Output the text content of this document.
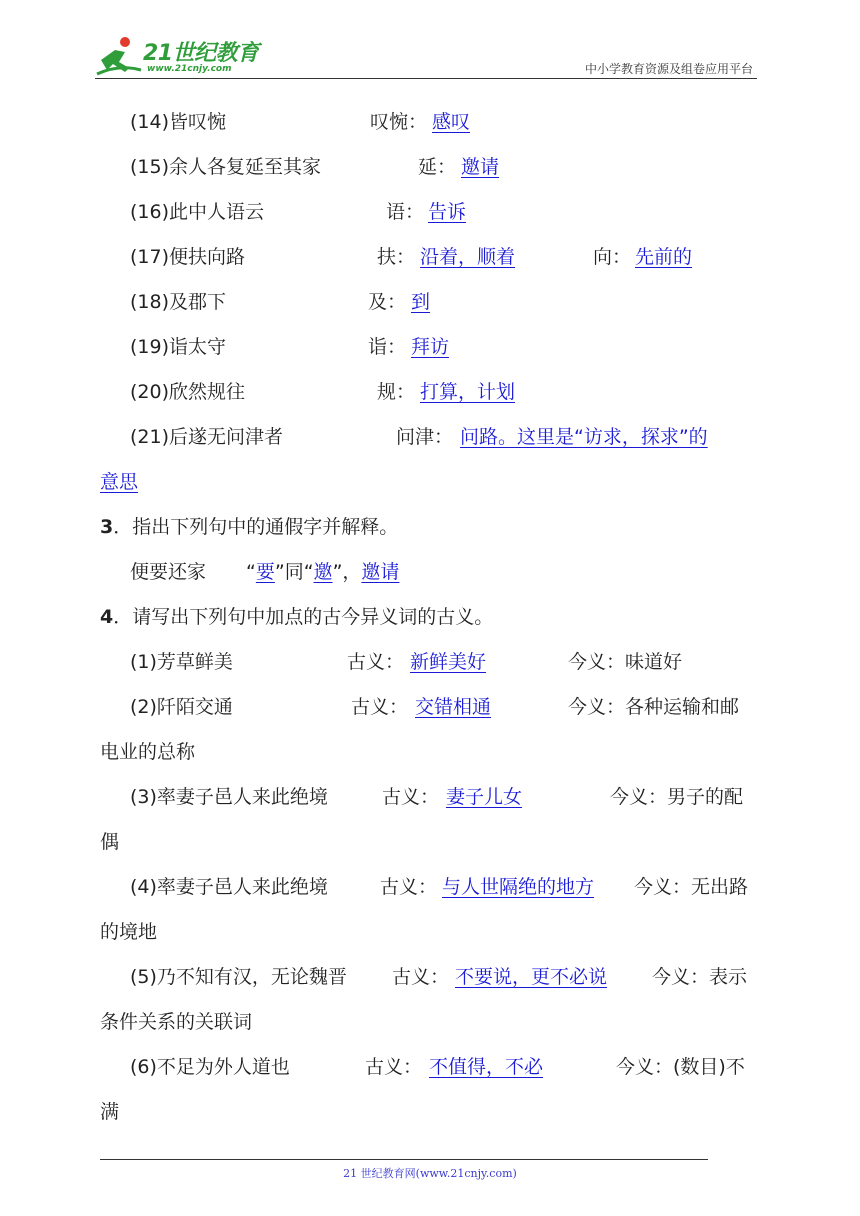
21世纪教育
www.21cnjy.com	中小学教育资源及组卷应用平台
(14)皆叹惋	叹惋： 感叹
(15)余人各复延至其家	延： 邀请
(16)此中人语云	语： 告诉
(17)便扶向路	扶： 沿着，顺着	向： 先前的
(18)及郡下	及： 到
(19)诣太守	诣： 拜访
(20)欣然规往	规： 打算，计划
(21)后遂无问津者	问津： 问路。这里是“访求，探求”的
意思
3．指出下列句中的通假字并解释。
便要还家 “要”同“邀”，邀请
4．请写出下列句中加点的古今异义词的古义。
(1)芳草鲜美	古义： 新鲜美好	今义：味道好
(2)阡陌交通	古义： 交错相通	今义：各种运输和邮
电业的总称
(3)率妻子邑人来此绝境	古义： 妻子儿女	今义：男子的配
偶
(4)率妻子邑人来此绝境	古义： 与人世隔绝的地方 今义：无出路
的境地
(5)乃不知有汉，无论魏晋 古义： 不要说，更不必说 今义：表示
条件关系的关联词
(6)不足为外人道也	古义： 不值得，不必	今义：(数目)不
满
21 世纪教育网(www.21cnjy.com)
